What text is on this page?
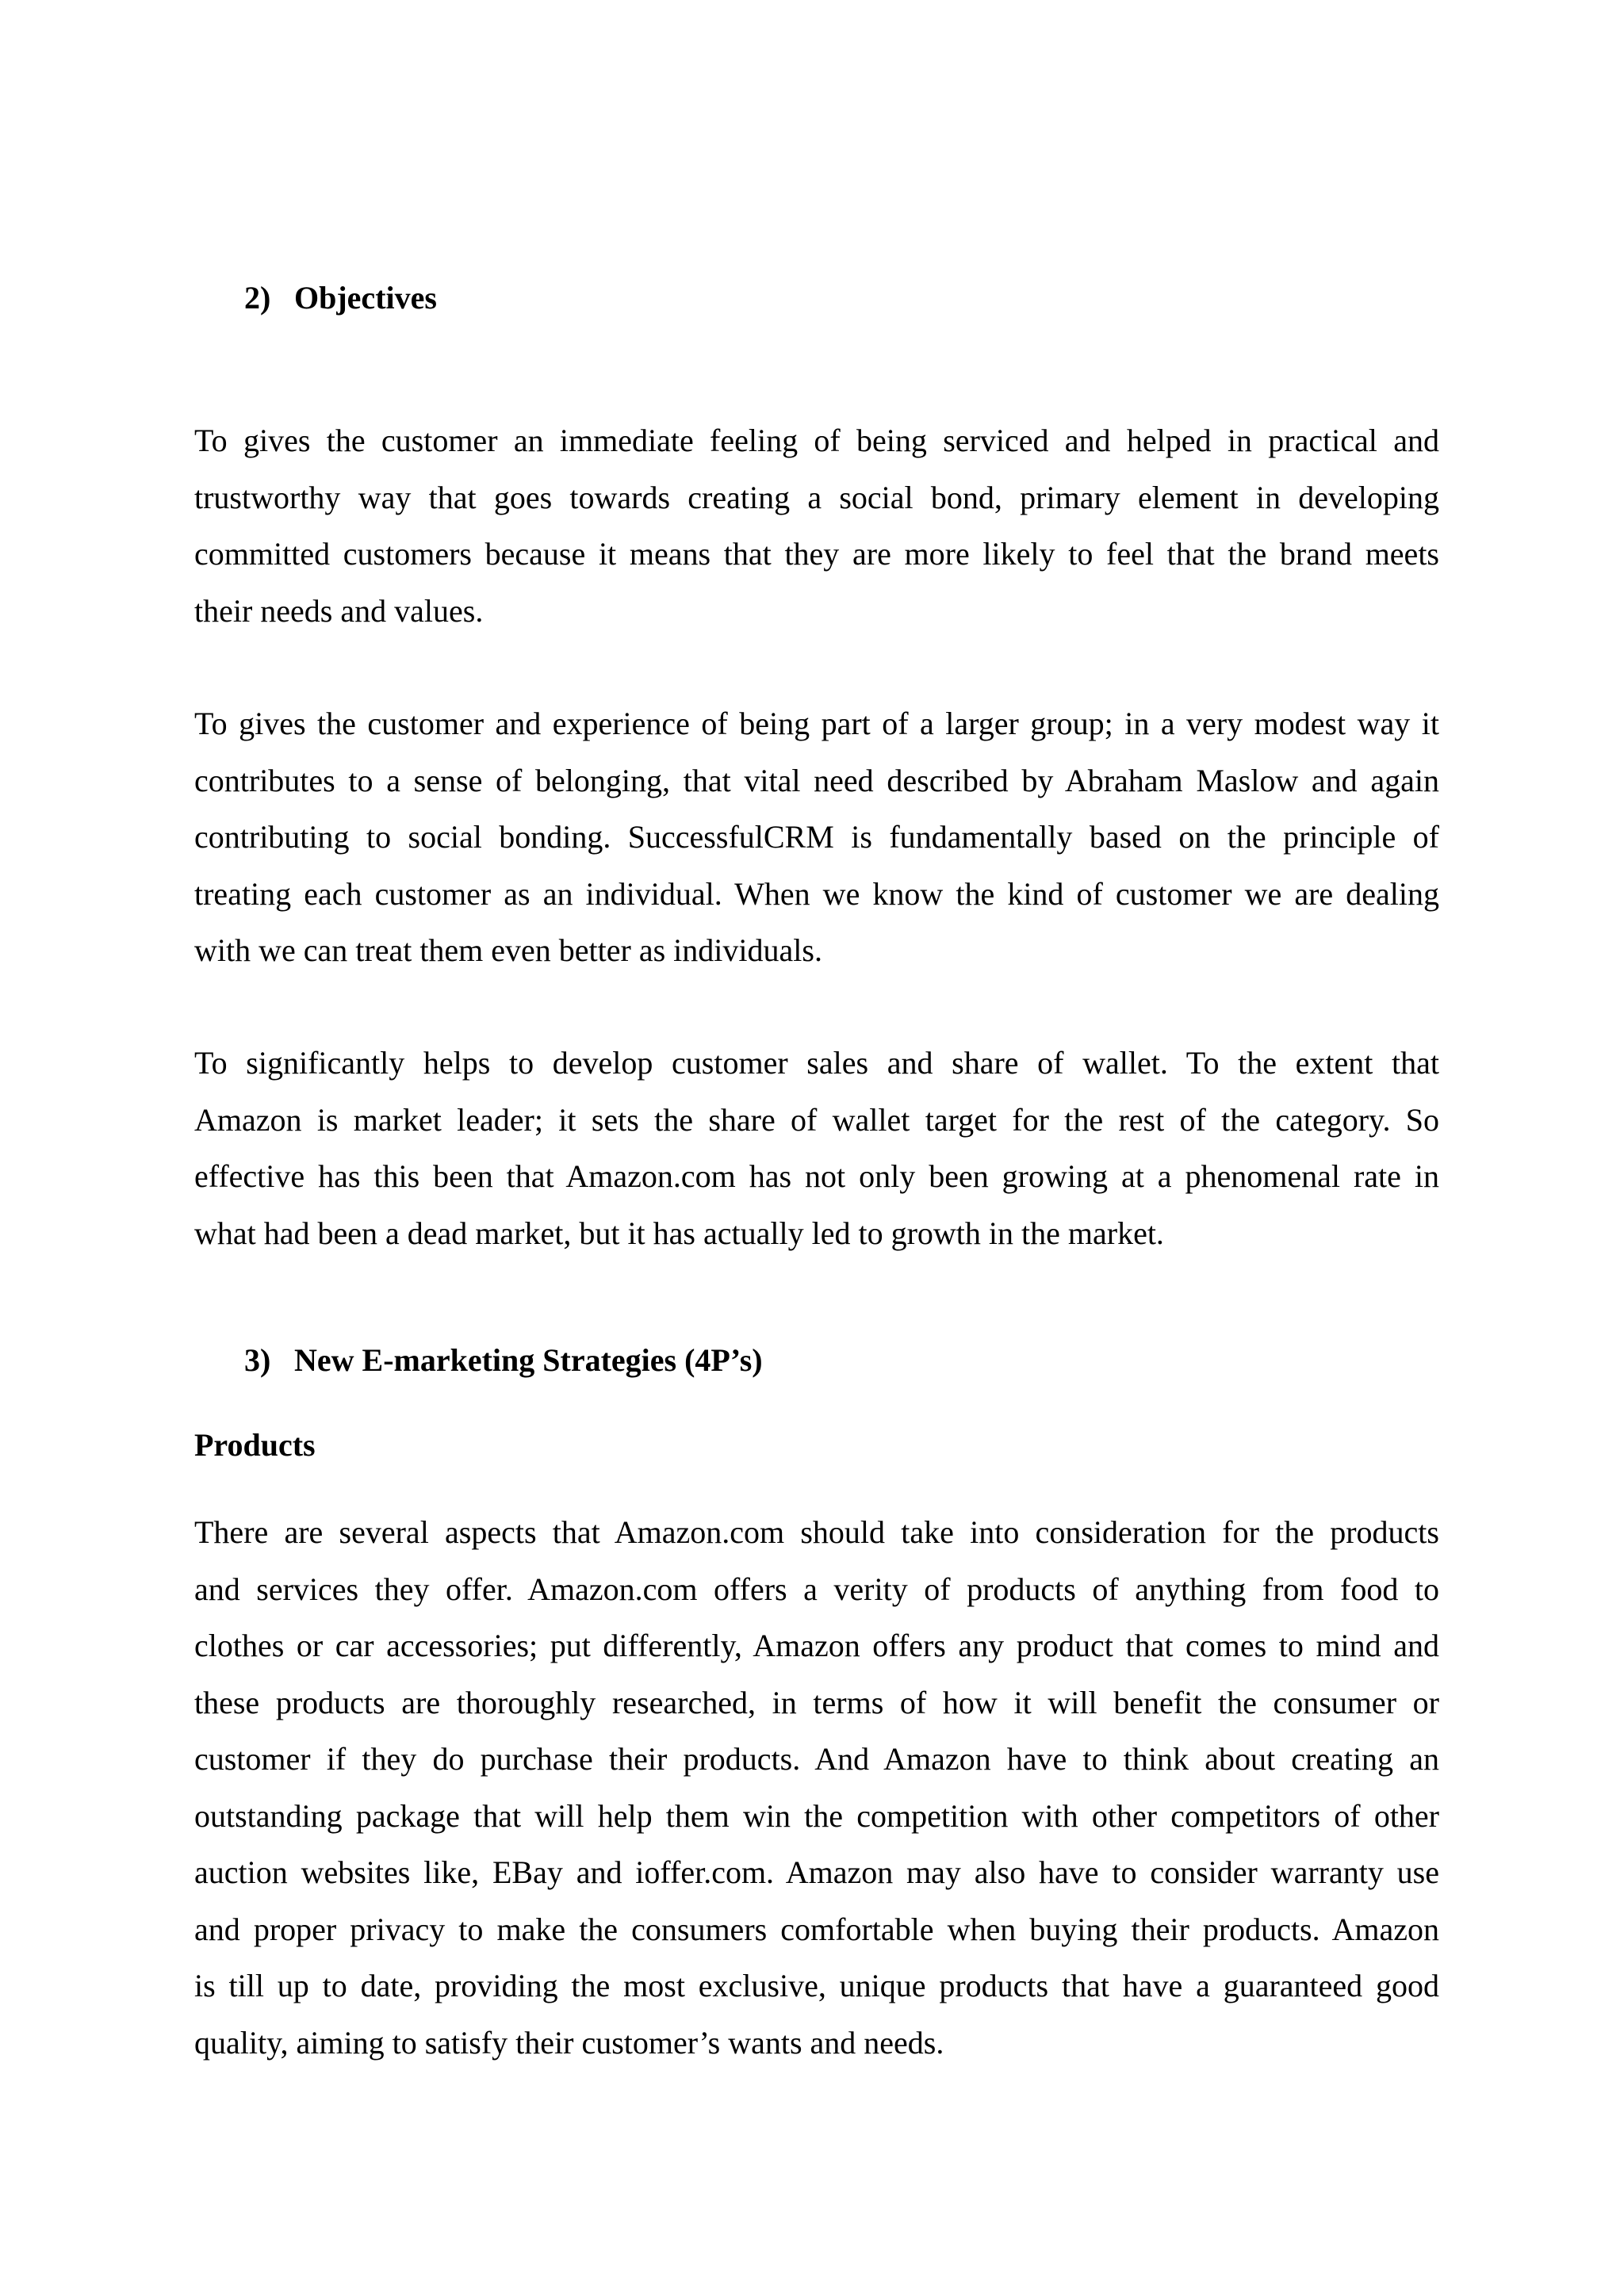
2) Objectives

To gives the customer an immediate feeling of being serviced and helped in practical and
trustworthy way that goes towards creating a social bond, primary element in developing
committed customers because it means that they are more likely to feel that the brand meets
their needs and values.

To gives the customer and experience of being part of a larger group; in a very modest way it
contributes to a sense of belonging, that vital need described by Abraham Maslow and again
contributing to social bonding. SuccessfulCRM is fundamentally based on the principle of
treating each customer as an individual. When we know the kind of customer we are dealing
with we can treat them even better as individuals.

To significantly helps to develop customer sales and share of wallet. To the extent that
Amazon is market leader; it sets the share of wallet target for the rest of the category. So
effective has this been that Amazon.com has not only been growing at a phenomenal rate in
what had been a dead market, but it has actually led to growth in the market.

3) New E-marketing Strategies (4P’s)
Products

There are several aspects that Amazon.com should take into consideration for the products
and services they offer. Amazon.com offers a verity of products of anything from food to
clothes or car accessories; put differently, Amazon offers any product that comes to mind and
these products are thoroughly researched, in terms of how it will benefit the consumer or
customer if they do purchase their products. And Amazon have to think about creating an
outstanding package that will help them win the competition with other competitors of other
auction websites like, EBay and ioffer.com. Amazon may also have to consider warranty use
and proper privacy to make the consumers comfortable when buying their products. Amazon
is till up to date, providing the most exclusive, unique products that have a guaranteed good
quality, aiming to satisfy their customer’s wants and needs.
